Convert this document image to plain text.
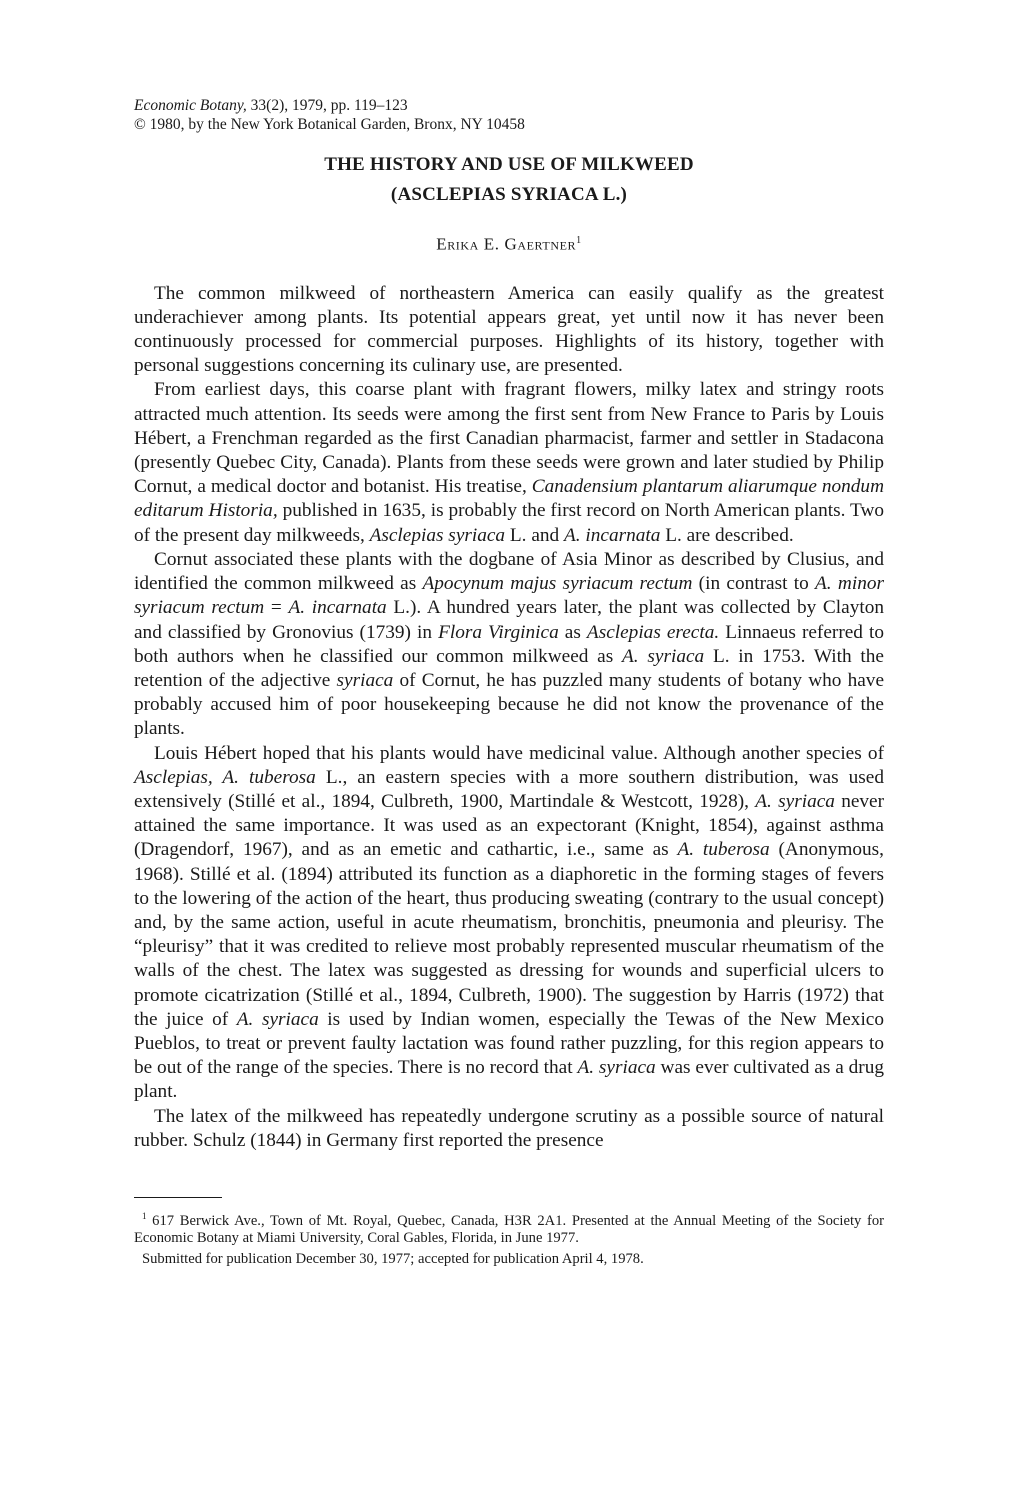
Economic Botany, 33(2), 1979, pp. 119–123

© 1980, by the New York Botanical Garden, Bronx, NY 10458

THE HISTORY AND USE OF MILKWEED
(ASCLEPIAS SYRIACA L.)

Erika E. Gaertner$^1$

The common milkweed of northeastern America can easily qualify as the greatest underachiever among plants. Its potential appears great, yet until now it has never been continuously processed for commercial purposes. Highlights of its history, together with personal suggestions concerning its culinary use, are presented.

From earliest days, this coarse plant with fragrant flowers, milky latex and stringy roots attracted much attention. Its seeds were among the first sent from New France to Paris by Louis Hébert, a Frenchman regarded as the first Canadian pharmacist, farmer and settler in Stadacona (presently Quebec City, Canada). Plants from these seeds were grown and later studied by Philip Cornut, a medical doctor and botanist. His treatise, Canadensium plantarum aliarumque nondum editarum Historia, published in 1635, is probably the first record on North American plants. Two of the present day milkweeds, Asclepias syriaca L. and A. incarnata L. are described.

Cornut associated these plants with the dogbane of Asia Minor as described by Clusius, and identified the common milkweed as Apocynum majus syriacum rectum (in contrast to A. minor syriacum rectum = A. incarnata L.). A hundred years later, the plant was collected by Clayton and classified by Gronovius (1739) in Flora Virginica as Asclepias erecta. Linnaeus referred to both authors when he classified our common milkweed as A. syriaca L. in 1753. With the retention of the adjective syriaca of Cornut, he has puzzled many students of botany who have probably accused him of poor housekeeping because he did not know the provenance of the plants.

Louis Hébert hoped that his plants would have medicinal value. Although another species of Asclepias, A. tuberosa L., an eastern species with a more southern distribution, was used extensively (Stillé et al., 1894, Culbreth, 1900, Martindale & Westcott, 1928), A. syriaca never attained the same importance. It was used as an expectorant (Knight, 1854), against asthma (Dragendorf, 1967), and as an emetic and cathartic, i.e., same as A. tuberosa (Anonymous, 1968). Stillé et al. (1894) attributed its function as a diaphoretic in the forming stages of fevers to the lowering of the action of the heart, thus producing sweating (contrary to the usual concept) and, by the same action, useful in acute rheumatism, bronchitis, pneumonia and pleurisy. The “pleurisy” that it was credited to relieve most probably represented muscular rheumatism of the walls of the chest. The latex was suggested as dressing for wounds and superficial ulcers to promote cicatrization (Stillé et al., 1894, Culbreth, 1900). The suggestion by Harris (1972) that the juice of A. syriaca is used by Indian women, especially the Tewas of the New Mexico Pueblos, to treat or prevent faulty lactation was found rather puzzling, for this region appears to be out of the range of the species. There is no record that A. syriaca was ever cultivated as a drug plant.

The latex of the milkweed has repeatedly undergone scrutiny as a possible source of natural rubber. Schulz (1844) in Germany first reported the presence

$^1$ 617 Berwick Ave., Town of Mt. Royal, Quebec, Canada, H3R 2A1. Presented at the Annual Meeting of the Society for Economic Botany at Miami University, Coral Gables, Florida, in June 1977.

Submitted for publication December 30, 1977; accepted for publication April 4, 1978.
